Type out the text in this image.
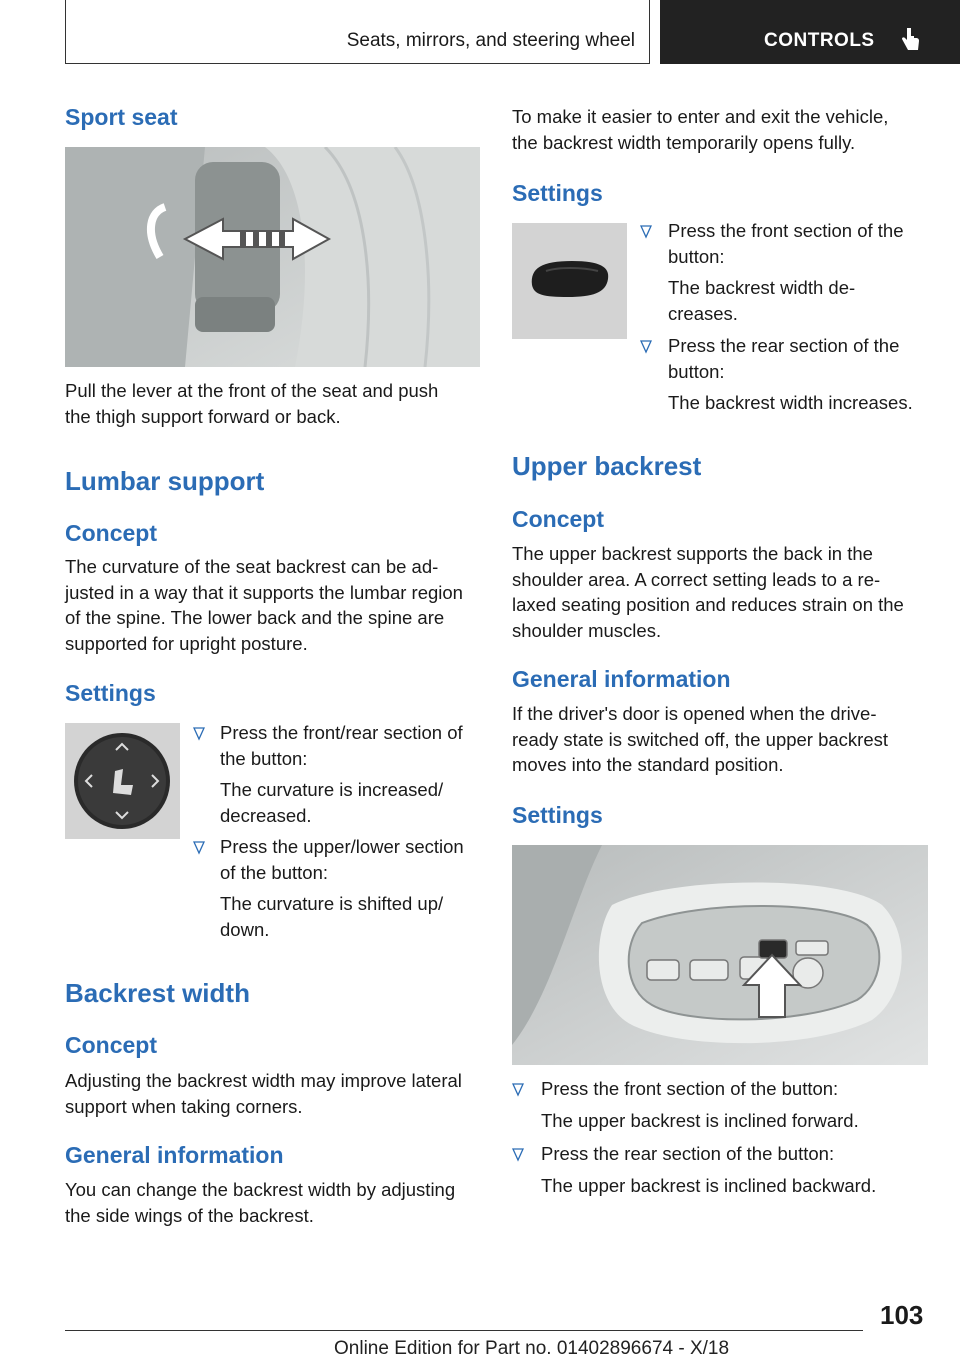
Seats, mirrors, and steering wheel	CONTROLS
Sport seat
Pull the lever at the front of the seat and push
the thigh support forward or back.
Lumbar support
Concept
The curvature of the seat backrest can be ad‐
justed in a way that it supports the lumbar region
of the spine. The lower back and the spine are
supported for upright posture.
Settings
Press the front/rear section of
the button:
The curvature is increased/
decreased.
Press the upper/lower section
of the button:
The curvature is shifted up/
down.
Backrest width
Concept
Adjusting the backrest width may improve lateral
support when taking corners.
General information
You can change the backrest width by adjusting
the side wings of the backrest.
To make it easier to enter and exit the vehicle,
the backrest width temporarily opens fully.
Settings
Press the front section of the
button:
The backrest width de‐
creases.
Press the rear section of the
button:
The backrest width increases.
Upper backrest
Concept
The upper backrest supports the back in the
shoulder area. A correct setting leads to a re‐
laxed seating position and reduces strain on the
shoulder muscles.
General information
If the driver's door is opened when the drive-
ready state is switched off, the upper backrest
moves into the standard position.
Settings
Press the front section of the button:
The upper backrest is inclined forward.
Press the rear section of the button:
The upper backrest is inclined backward.
103
Online Edition for Part no. 01402896674 - X/18
